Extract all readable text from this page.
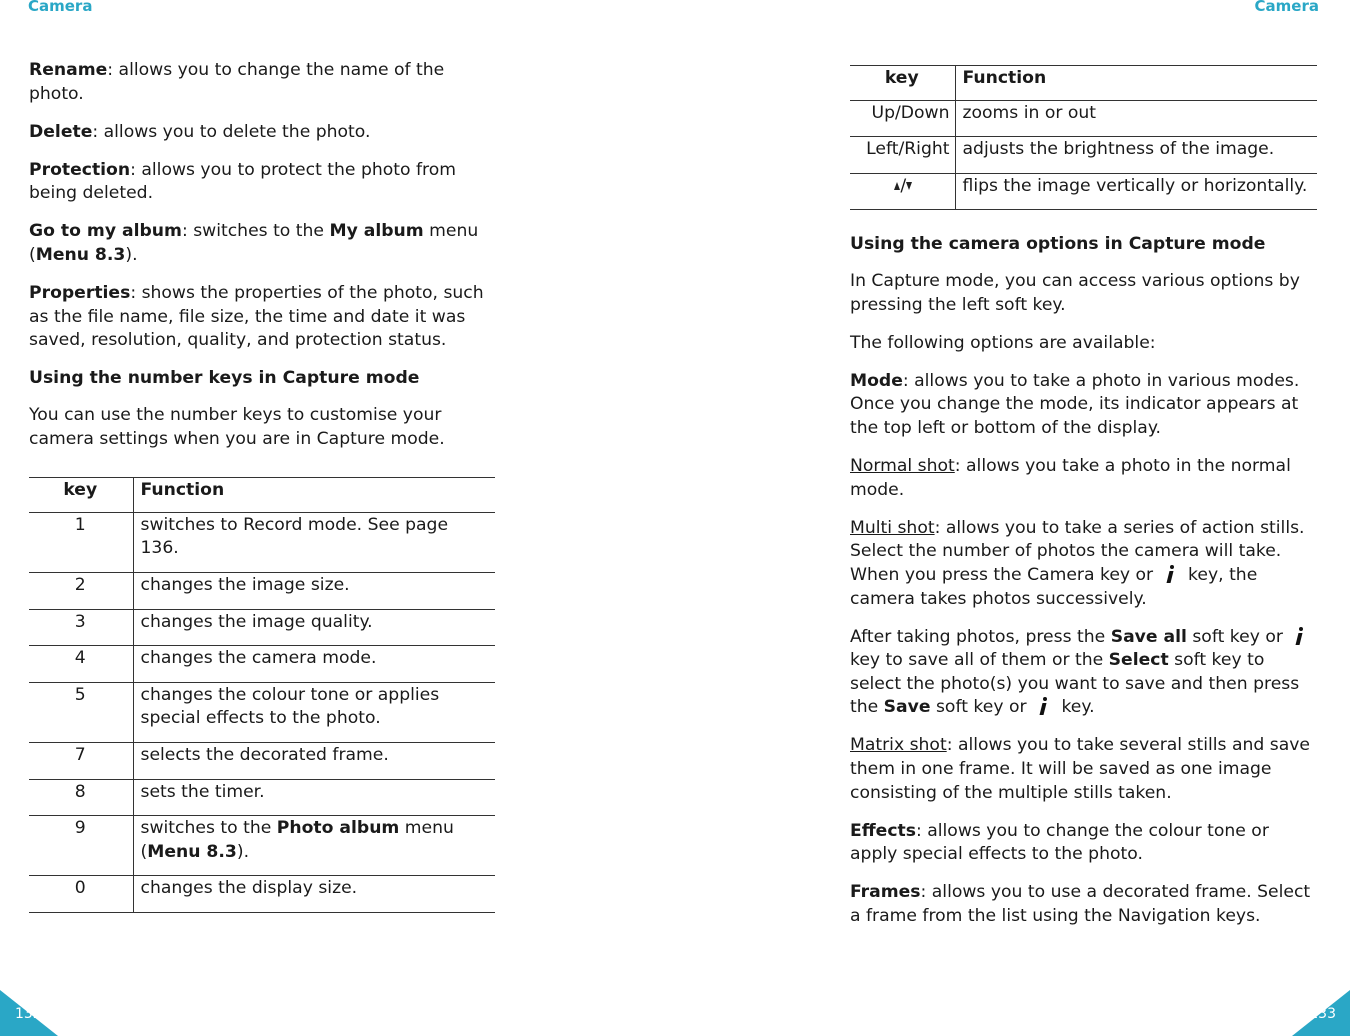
Camera	Camera

Rename: allows you to change the name of the photo.

Delete: allows you to delete the photo.

Protection: allows you to protect the photo from being deleted.

Go to my album: switches to the My album menu (Menu 8.3).

Properties: shows the properties of the photo, such as the file name, file size, the time and date it was saved, resolution, quality, and protection status.

Using the number keys in Capture mode

You can use the number keys to customise your camera settings when you are in Capture mode.

key	Function
1	switches to Record mode. See page 136.
2	changes the image size.
3	changes the image quality.
4	changes the camera mode.
5	changes the colour tone or applies special effects to the photo.
7	selects the decorated frame.
8	sets the timer.
9	switches to the Photo album menu (Menu 8.3).
0	changes the display size.
key	Function
Up/Down	zooms in or out
Left/Right	adjusts the brightness of the image.
/	flips the image vertically or horizontally.
Using the camera options in Capture mode

In Capture mode, you can access various options by pressing the left soft key.

The following options are available:

Mode: allows you to take a photo in various modes. Once you change the mode, its indicator appears at the top left or bottom of the display.

Normal shot: allows you take a photo in the normal mode.

Multi shot: allows you to take a series of action stills. Select the number of photos the camera will take. When you press the Camera key or  key, the camera takes photos successively.

After taking photos, press the Save all soft key or  key to save all of them or the Select soft key to select the photo(s) you want to save and then press the Save soft key or  key.

Matrix shot: allows you to take several stills and save them in one frame. It will be saved as one image consisting of the multiple stills taken.

Effects: allows you to change the colour tone or apply special effects to the photo.

Frames: allows you to use a decorated frame. Select a frame from the list using the Navigation keys.

132	133
